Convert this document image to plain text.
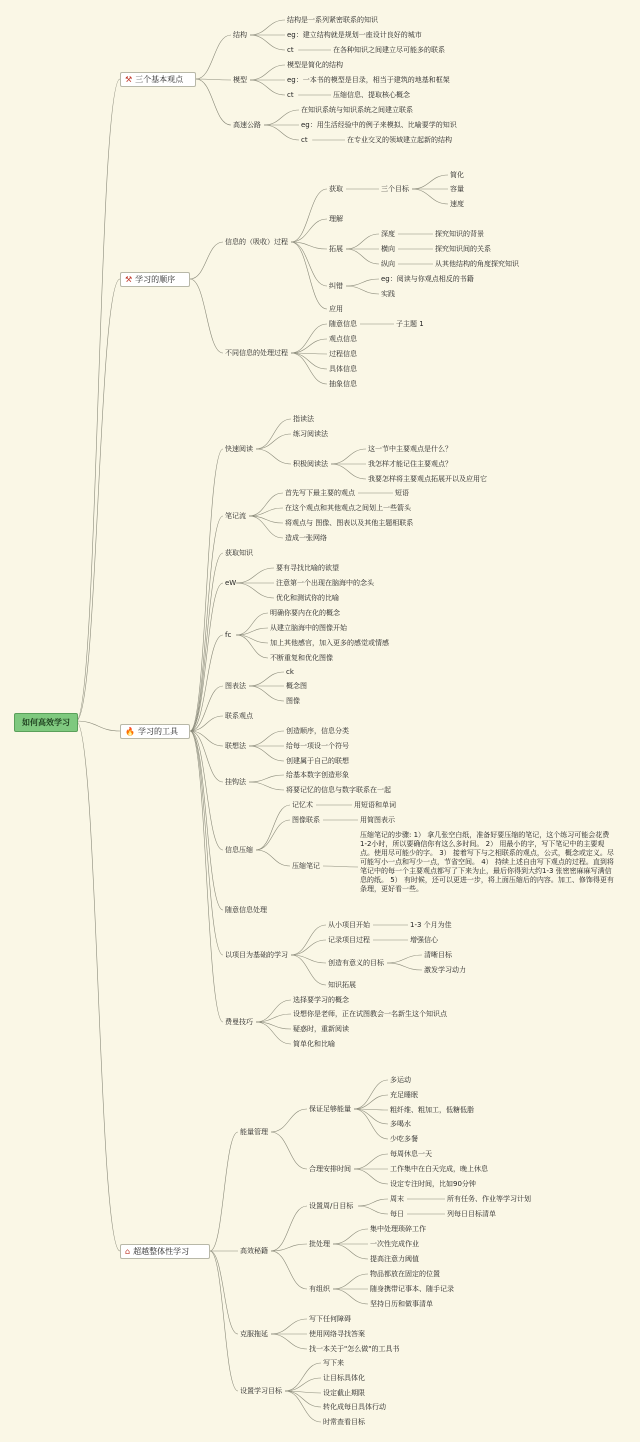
如何高效学习
⚒ 三个基本观点
结构
结构是一系列紧密联系的知识
eg：建立结构就是规划一座设计良好的城市
ct	在各种知识之间建立尽可能多的联系
模型
模型是简化的结构
eg：一本书的模型是目录，相当于建筑的地基和框架
ct	压缩信息、提取核心概念
高速公路
在知识系统与知识系统之间建立联系
eg：用生活经验中的例子来模拟、比喻要学的知识
ct	在专业交叉的领域建立起新的结构
⚒ 学习的顺序
信息的（吸收）过程
获取	三个目标
简化
容量
速度
理解
拓展
深度	探究知识的背景
横向	探究知识间的关系
纵向	从其他结构的角度探究知识
纠错
eg：阅读与你观点相反的书籍
实践
应用
不同信息的处理过程
随意信息	子主题 1
观点信息
过程信息
具体信息
抽象信息
🔥 学习的工具
快速阅读
指读法
练习阅读法
积极阅读法
这一节中主要观点是什么？
我怎样才能记住主要观点？
我要怎样将主要观点拓展开以及应用它
笔记流
首先写下最主要的观点	短语
在这个观点和其他观点之间划上一些箭头
将观点与 图像、图表以及其他主题相联系
造成一张网络
获取知识
eW
要有寻找比喻的欲望
注意第一个出现在脑海中的念头
优化和测试你的比喻
fc
明确你要内在化的概念
从建立脑海中的图像开始
加上其他感官，加入更多的感觉或情感
不断重复和优化图像
图表法
ck
概念图
图像
联系观点
联想法
创造顺序，信息分类
给每一项设一个符号
创建属于自己的联想
挂钩法
给基本数字创造形象
将要记忆的信息与数字联系在一起
信息压缩
记忆术	用短语和单词
图像联系	用简图表示
压缩笔记
压缩笔记的步骤: 1） 拿几张空白纸，准备好要压缩的笔记，这个练习可能会花费1-2小时，所以要确信你有这么多时间。 2） 用最小的字，写下笔记中的主要观点。使用尽可能少的字。 3） 接着写下与之相联系的观点，公式，概念或定义。尽可能写小一点和写少一点，节省空间。 4） 持续上述自由写下观点的过程。直到将笔记中的每一个主要观点都写了下来为止，最后你得到大约1-3 张密密麻麻写满信息的纸。 5） 有时候，还可以更进一步，将上面压缩后的内容。加工、修饰得更有条理，更好看一些。
随意信息处理
以项目为基础的学习
从小项目开始	1-3 个月为佳
记录项目过程	增强信心
创造有意义的目标
清晰目标
激发学习动力
知识拓展
费曼技巧
选择要学习的概念
设想你是老师，正在试图教会一名新生这个知识点
疑惑时，重新阅读
简单化和比喻
⌂ 超越整体性学习
能量管理
保证足够能量
多运动
充足睡眠
粗纤维、粗加工，低糖低脂
多喝水
少吃多餐
合理安排时间
每周休息一天
工作集中在白天完成，晚上休息
设定专注时间，比如90分钟
高效秘籍
设置周/日目标
周末	所有任务、作业等学习计划
每日	列每日目标清单
批处理
集中处理琐碎工作
一次性完成作业
提高注意力阈值
有组织
物品都放在固定的位置
随身携带记事本、随手记录
坚持日历和做事清单
克服拖延
写下任何障碍
使用网络寻找答案
找一本关于"怎么做"的工具书
设置学习目标
写下来
让目标具体化
设定截止期限
转化成每日具体行动
时常查看目标
